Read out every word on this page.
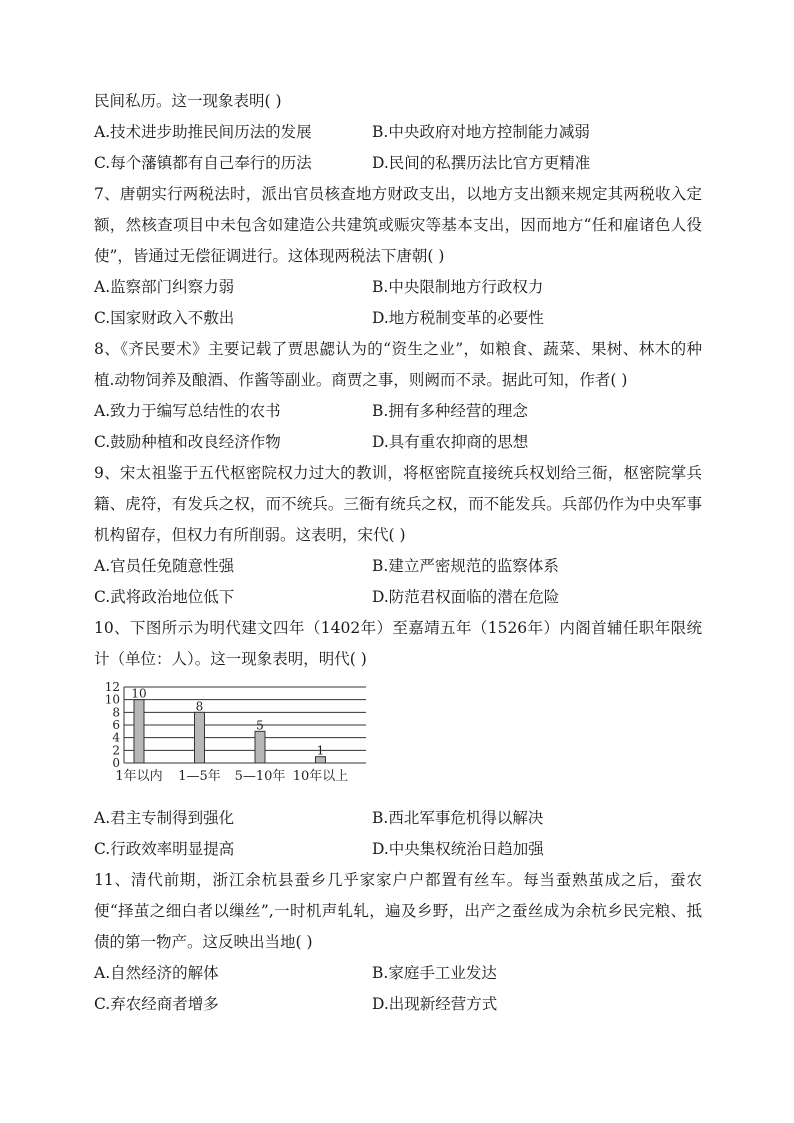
民间私历。这一现象表明( )
A.技术进步助推民间历法的发展	B.中央政府对地方控制能力减弱
C.每个藩镇都有自己奉行的历法	D.民间的私撰历法比官方更精准
7、唐朝实行两税法时，派出官员核查地方财政支出，以地方支出额来规定其两税收入定额，然核查项目中未包含如建造公共建筑或赈灾等基本支出，因而地方“任和雇诸色人役使”，皆通过无偿征调进行。这体现两税法下唐朝( )
A.监察部门纠察力弱	B.中央限制地方行政权力
C.国家财政入不敷出	D.地方税制变革的必要性
8、《齐民要术》主要记载了贾思勰认为的“资生之业”，如粮食、蔬菜、果树、林木的种植.动物饲养及酿酒、作酱等副业。商贾之事，则阙而不录。据此可知，作者( )
A.致力于编写总结性的农书	B.拥有多种经营的理念
C.鼓励种植和改良经济作物	D.具有重农抑商的思想
9、宋太祖鉴于五代枢密院权力过大的教训，将枢密院直接统兵权划给三衙，枢密院掌兵籍、虎符，有发兵之权，而不统兵。三衙有统兵之权，而不能发兵。兵部仍作为中央军事机构留存，但权力有所削弱。这表明，宋代( )
A.官员任免随意性强	B.建立严密规范的监察体系
C.武将政治地位低下	D.防范君权面临的潜在危险
10、下图所示为明代建文四年（1402年）至嘉靖五年（1526年）内阁首辅任职年限统计（单位：人）。这一现象表明，明代( )
0
2
4
6
8
10
12 10
1年以内
8
1—5年
5
5—10年
1
10年以上
A.君主专制得到强化	B.西北军事危机得以解决
C.行政效率明显提高	D.中央集权统治日趋加强
11、清代前期，浙江余杭县蚕乡几乎家家户户都置有丝车。每当蚕熟茧成之后，蚕农便“择茧之细白者以缫丝”,一时机声轧轧，遍及乡野，出产之蚕丝成为余杭乡民完粮、抵债的第一物产。这反映出当地( )
A.自然经济的解体	B.家庭手工业发达
C.弃农经商者增多	D.出现新经营方式
